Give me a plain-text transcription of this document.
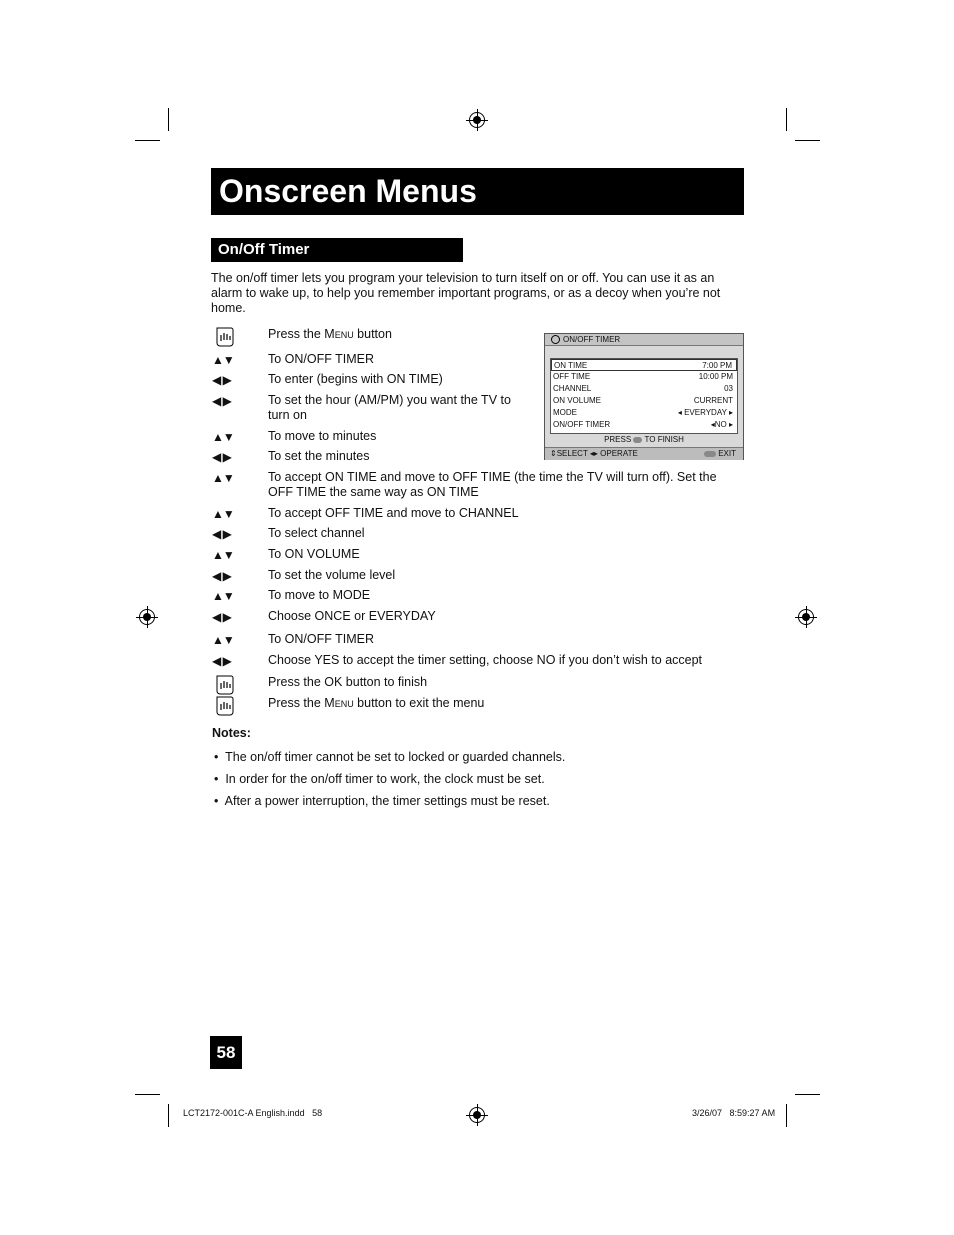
Onscreen Menus
On/Off Timer
The on/off timer lets you program your television to turn itself on or off. You can use it as an alarm to wake up, to help you remember important programs, or as a decoy when you’re not home.
Press the Menu button
▲▼	To ON/OFF TIMER
◀ ▶	To enter (begins with ON TIME)
◀ ▶	To set the hour (AM/PM) you want the TV to turn on
▲▼	To move to minutes
◀ ▶	To set the minutes
▲▼	To accept ON TIME and move to OFF TIME (the time the TV will turn off). Set the OFF TIME the same way as ON TIME
▲▼	To accept OFF TIME and move to CHANNEL
◀ ▶	To select channel
▲▼	To ON VOLUME
◀ ▶	To set the volume level
▲▼	To move to MODE
◀ ▶	Choose ONCE or EVERYDAY
▲▼	To ON/OFF TIMER
◀ ▶	Choose YES to accept the timer setting, choose NO if you don’t wish to accept
Press the OK button to finish
Press the Menu button to exit the menu
ON/OFF TIMER
ON TIME	7:00 PM
OFF TIME	10:00 PM
CHANNEL	03
ON VOLUME	CURRENT
MODE	◂ EVERYDAY ▸
ON/OFF TIMER	◂NO ▸
PRESS TO FINISH
⇕SELECT ◂▸ OPERATE	EXIT
Notes:
•  The on/off timer cannot be set to locked or guarded channels.
•  In order for the on/off timer to work, the clock must be set.
•  After a power interruption, the timer settings must be reset.
58
LCT2172-001C-A English.indd   58	3/26/07   8:59:27 AM
